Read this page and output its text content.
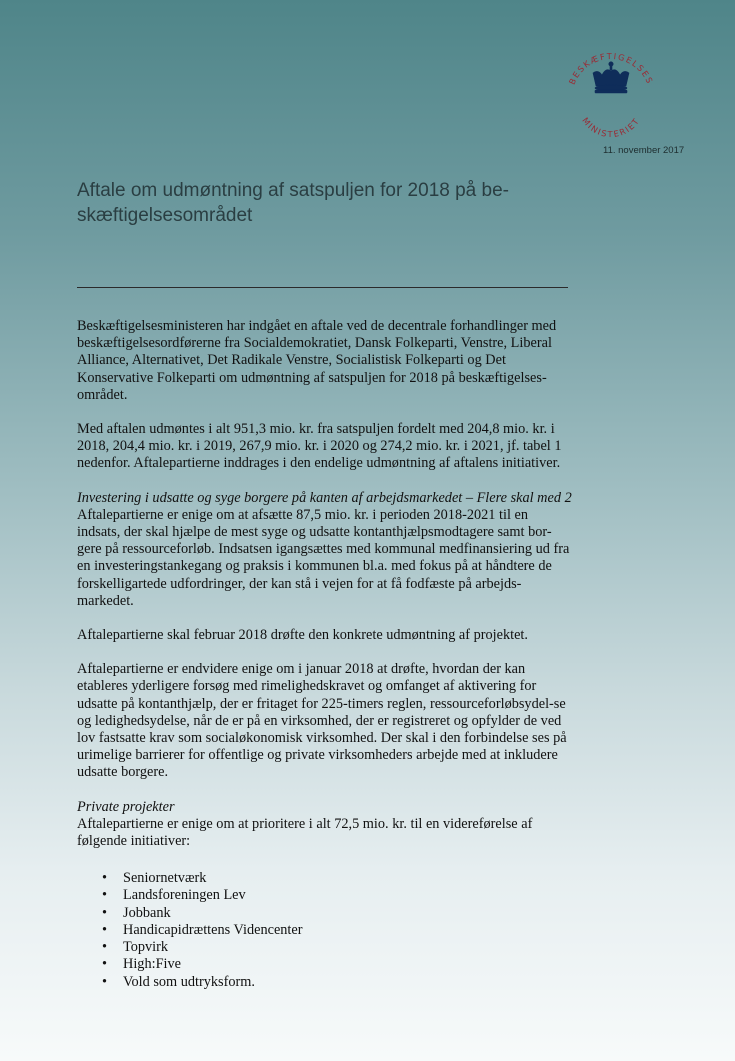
BESKÆFTIGELSES
MINISTERIET
11. november 2017
Aftale om udmøntning af satspuljen for 2018 på be-skæftigelsesområdet

Beskæftigelsesministeren har indgået en aftale ved de decentrale forhandlinger med beskæftigelsesordførerne fra Socialdemokratiet, Dansk Folkeparti, Venstre, Liberal Alliance, Alternativet, Det Radikale Venstre, Socialistisk Folkeparti og Det Konservative Folkeparti om udmøntning af satspuljen for 2018 på beskæftigelses-området.

Med aftalen udmøntes i alt 951,3 mio. kr. fra satspuljen fordelt med 204,8 mio. kr. i 2018, 204,4 mio. kr. i 2019, 267,9 mio. kr. i 2020 og 274,2 mio. kr. i 2021, jf. tabel 1 nedenfor. Aftalepartierne inddrages i den endelige udmøntning af aftalens initiativer.

Investering i udsatte og syge borgere på kanten af arbejdsmarkedet – Flere skal med 2

Aftalepartierne er enige om at afsætte 87,5 mio. kr. i perioden 2018-2021 til en indsats, der skal hjælpe de mest syge og udsatte kontanthjælpsmodtagere samt bor-gere på ressourceforløb. Indsatsen igangsættes med kommunal medfinansiering ud fra en investeringstankegang og praksis i kommunen bl.a. med fokus på at håndtere de forskelligartede udfordringer, der kan stå i vejen for at få fodfæste på arbejds-markedet.

Aftalepartierne skal februar 2018 drøfte den konkrete udmøntning af projektet.

Aftalepartierne er endvidere enige om i januar 2018 at drøfte, hvordan der kan etableres yderligere forsøg med rimelighedskravet og omfanget af aktivering for udsatte på kontanthjælp, der er fritaget for 225-timers reglen, ressourceforløbsydel-se og ledighedsydelse, når de er på en virksomhed, der er registreret og opfylder de ved lov fastsatte krav som socialøkonomisk virksomhed. Der skal i den forbindelse ses på urimelige barrierer for offentlige og private virksomheders arbejde med at inkludere udsatte borgere.

Private projekter

Aftalepartierne er enige om at prioritere i alt 72,5 mio. kr. til en videreførelse af følgende initiativer:

• Seniornetværk
• Landsforeningen Lev
• Jobbank
• Handicapidrættens Videncenter
• Topvirk
• High:Five
• Vold som udtryksform.
